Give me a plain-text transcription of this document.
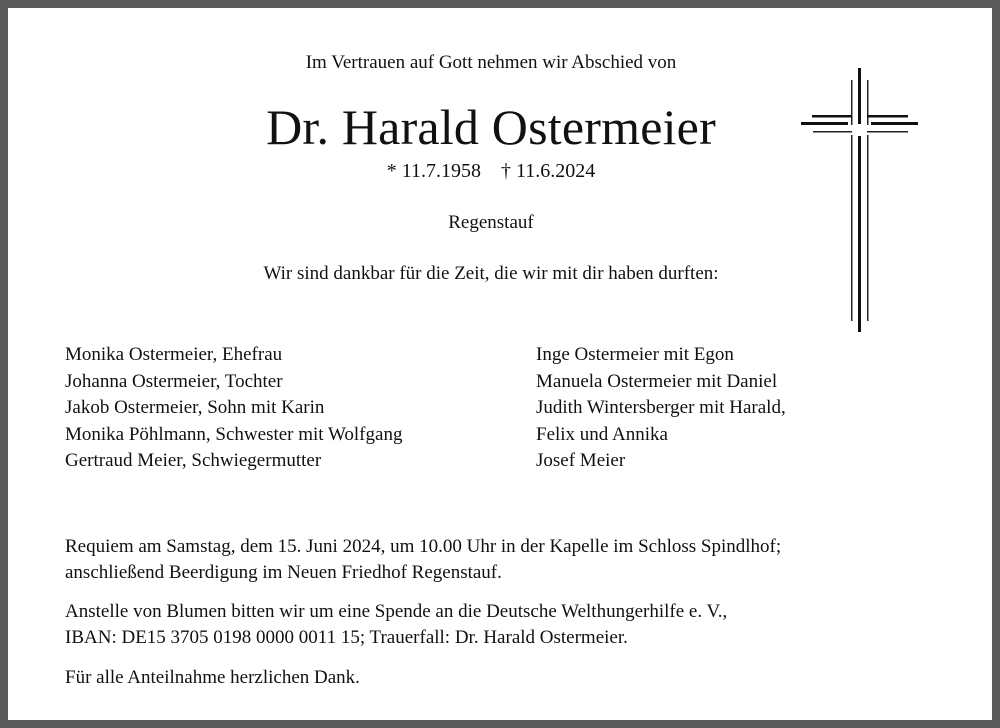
Im Vertrauen auf Gott nehmen wir Abschied von
Dr. Harald Ostermeier
* 11.7.1958 † 11.6.2024
Regenstauf
Wir sind dankbar für die Zeit, die wir mit dir haben durften:
Monika Ostermeier, Ehefrau
Johanna Ostermeier, Tochter
Jakob Ostermeier, Sohn mit Karin
Monika Pöhlmann, Schwester mit Wolfgang
Gertraud Meier, Schwiegermutter
Inge Ostermeier mit Egon
Manuela Ostermeier mit Daniel
Judith Wintersberger mit Harald,
Felix und Annika
Josef Meier
Requiem am Samstag, dem 15. Juni 2024, um 10.00 Uhr in der Kapelle im Schloss Spindlhof;
anschließend Beerdigung im Neuen Friedhof Regenstauf.
Anstelle von Blumen bitten wir um eine Spende an die Deutsche Welthungerhilfe e. V.,
IBAN: DE15 3705 0198 0000 0011 15; Trauerfall: Dr. Harald Ostermeier.
Für alle Anteilnahme herzlichen Dank.
